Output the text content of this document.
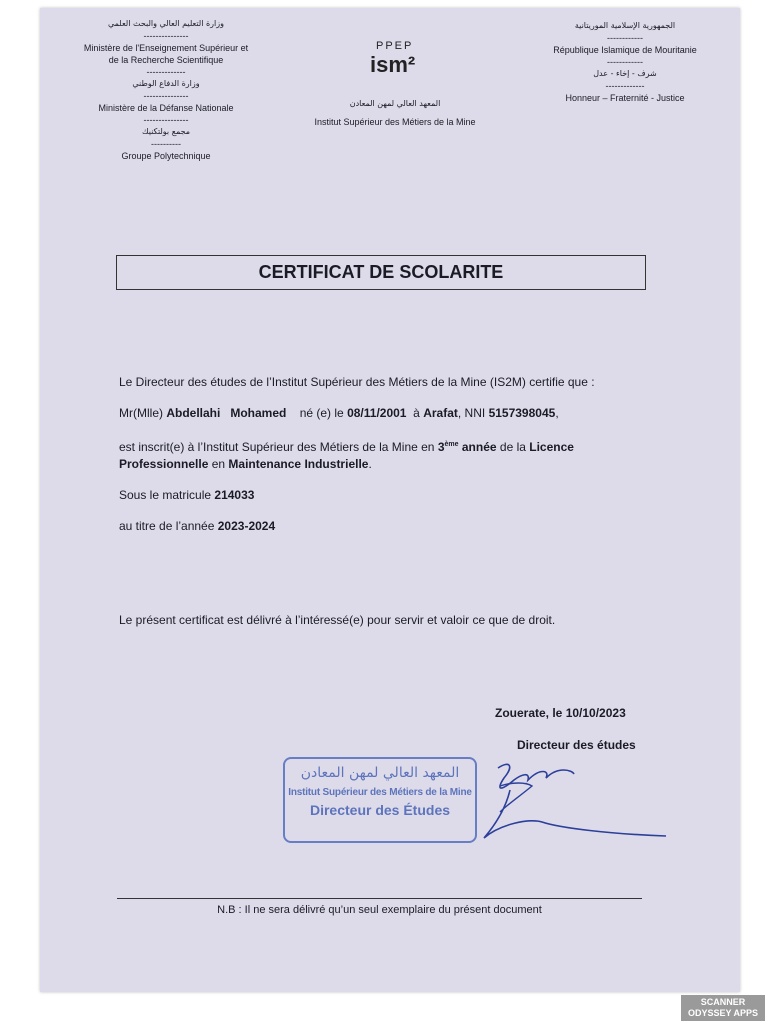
وزارة التعليم العالي والبحث العلمي
---------------
Ministère de l'Enseignement Supérieur et
de la Recherche Scientifique
-------------
وزارة الدفاع الوطني
---------------
Ministère de la Défanse Nationale
---------------
مجمع بولتكنيك
----------
Groupe Polytechnique
PPEP
ism²
المعهد العالي لمهن المعادن
Institut Supérieur des Métiers de la Mine
الجمهورية الإسلامية الموريتانية
------------
République Islamique de Mouritanie
------------
شرف - إخاء - عدل
-------------
Honneur – Fraternité - Justice
CERTIFICAT DE SCOLARITE
Le Directeur des études de l’Institut Supérieur des Métiers de la Mine (IS2M) certifie que :
Mr(Mlle) Abdellahi   Mohamed né (e) le 08/11/2001 à Arafat, NNI 5157398045,
est inscrit(e) à l’Institut Supérieur des Métiers de la Mine en 3ème année de la Licence Professionnelle en Maintenance Industrielle.
Sous le matricule 214033
au titre de l’année 2023-2024
Le présent certificat est délivré à l’intéressé(e) pour servir et valoir ce que de droit.
Zouerate, le 10/10/2023
Directeur des études
المعهد العالي لمهن المعادن
Institut Supérieur des Métiers de la Mine
Directeur des Études
N.B : Il ne sera délivré qu’un seul exemplaire du présent document
SCANNER
ODYSSEY APPS
